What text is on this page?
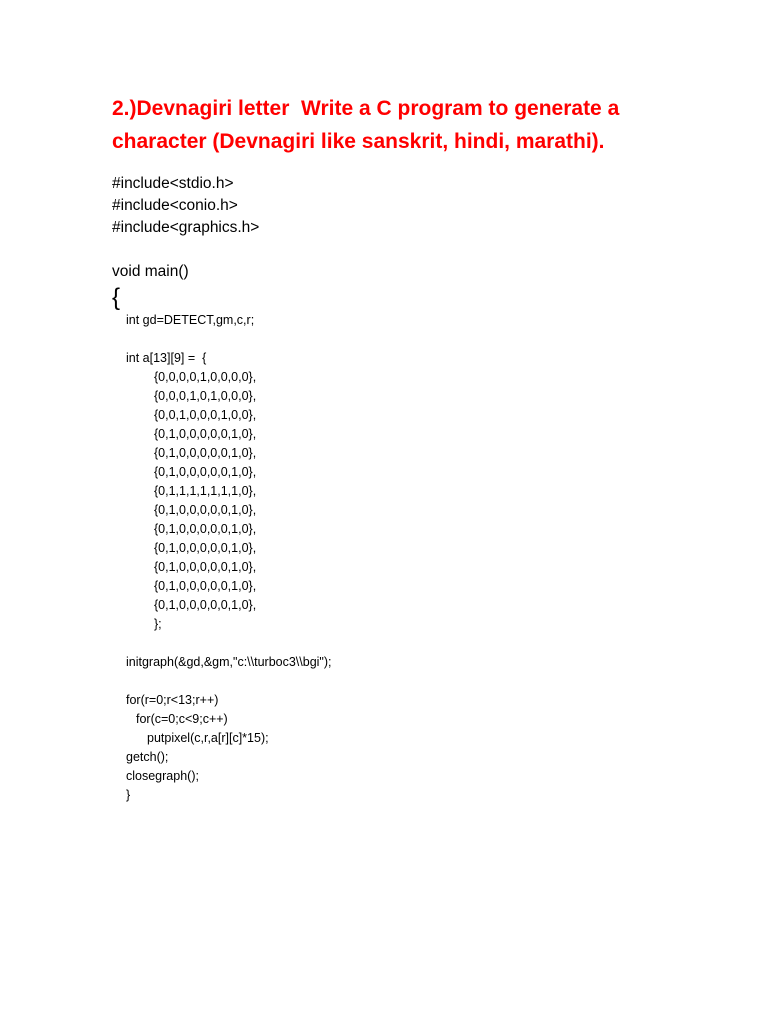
2.)Devnagiri letter  Write a C program to generate a
character (Devnagiri like sanskrit, hindi, marathi).
#include<stdio.h>
#include<conio.h>
#include<graphics.h>
void main()
{
int gd=DETECT,gm,c,r;
int a[13][9] =  {
{0,0,0,0,1,0,0,0,0},
{0,0,0,1,0,1,0,0,0},
{0,0,1,0,0,0,1,0,0},
{0,1,0,0,0,0,0,1,0},
{0,1,0,0,0,0,0,1,0},
{0,1,0,0,0,0,0,1,0},
{0,1,1,1,1,1,1,1,0},
{0,1,0,0,0,0,0,1,0},
{0,1,0,0,0,0,0,1,0},
{0,1,0,0,0,0,0,1,0},
{0,1,0,0,0,0,0,1,0},
{0,1,0,0,0,0,0,1,0},
{0,1,0,0,0,0,0,1,0},
};
initgraph(&gd,&gm,"c:\\turboc3\\bgi");
for(r=0;r<13;r++)
for(c=0;c<9;c++)
putpixel(c,r,a[r][c]*15);
getch();
closegraph();
}
